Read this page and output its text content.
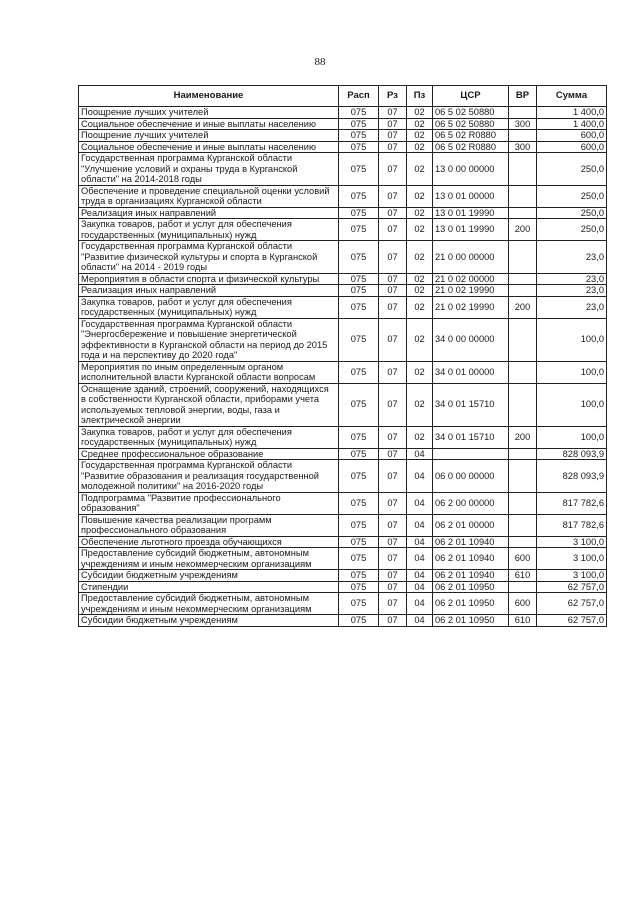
88
Наименование	Расп	Рз	Пз	ЦСР	ВР	Сумма
Поощрение лучших учителей	075	07	02	06 5 02 50880		1 400,0
Социальное обеспечение и иные выплаты населению	075	07	02	06 5 02 50880	300	1 400,0
Поощрение лучших учителей	075	07	02	06 5 02 R0880		600,0
Социальное обеспечение и иные выплаты населению	075	07	02	06 5 02 R0880	300	600,0
Государственная программа Курганской области "Улучшение условий и охраны труда в Курганской области" на 2014-2018 годы	075	07	02	13 0 00 00000		250,0
Обеспечение и проведение специальной оценки условий труда в организациях Курганской области	075	07	02	13 0 01 00000		250,0
Реализация иных направлений	075	07	02	13 0 01 19990		250,0
Закупка товаров, работ и услуг для обеспечения государственных (муниципальных) нужд	075	07	02	13 0 01 19990	200	250,0
Государственная программа Курганской области "Развитие физической культуры и спорта в Курганской области" на 2014 - 2019 годы	075	07	02	21 0 00 00000		23,0
Мероприятия в области спорта и физической культуры	075	07	02	21 0 02 00000		23,0
Реализация иных направлений	075	07	02	21 0 02 19990		23,0
Закупка товаров, работ и услуг для обеспечения государственных (муниципальных) нужд	075	07	02	21 0 02 19990	200	23,0
Государственная программа Курганской области "Энергосбережение и повышение энергетической эффективности в Курганской области на период до 2015 года и на перспективу до 2020 года"	075	07	02	34 0 00 00000		100,0
Мероприятия по иным определенным органом исполнительной власти Курганской области вопросам	075	07	02	34 0 01 00000		100,0
Оснащение зданий, строений, сооружений, находящихся в собственности Курганской области, приборами учета используемых тепловой энергии, воды, газа и электрической энергии	075	07	02	34 0 01 15710		100,0
Закупка товаров, работ и услуг для обеспечения государственных (муниципальных) нужд	075	07	02	34 0 01 15710	200	100,0
Среднее профессиональное образование	075	07	04			828 093,9
Государственная программа Курганской области "Развитие образования и реализация государственной молодежной политики" на 2016-2020 годы	075	07	04	06 0 00 00000		828 093,9
Подпрограмма "Развитие профессионального образования"	075	07	04	06 2 00 00000		817 782,6
Повышение качества реализации программ профессионального образования	075	07	04	06 2 01 00000		817 782,6
Обеспечение льготного проезда обучающихся	075	07	04	06 2 01 10940		3 100,0
Предоставление субсидий бюджетным, автономным учреждениям и иным некоммерческим организациям	075	07	04	06 2 01 10940	600	3 100,0
Субсидии бюджетным учреждениям	075	07	04	06 2 01 10940	610	3 100,0
Стипендии	075	07	04	06 2 01 10950		62 757,0
Предоставление субсидий бюджетным, автономным учреждениям и иным некоммерческим организациям	075	07	04	06 2 01 10950	600	62 757,0
Субсидии бюджетным учреждениям	075	07	04	06 2 01 10950	610	62 757,0
